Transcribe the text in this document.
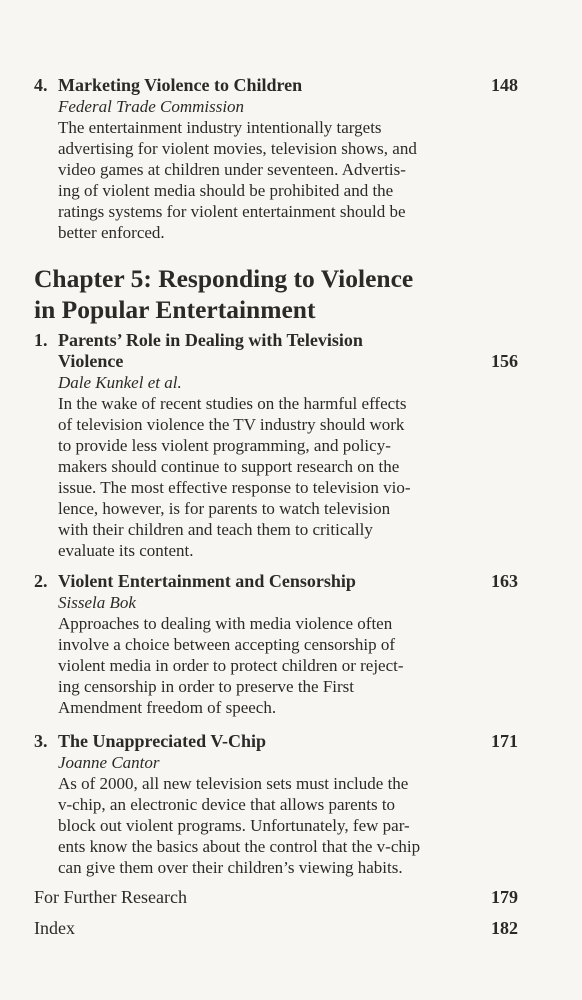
4. Marketing Violence to Children	148
Federal Trade Commission
The entertainment industry intentionally targets
advertising for violent movies, television shows, and
video games at children under seventeen. Advertis-
ing of violent media should be prohibited and the
ratings systems for violent entertainment should be
better enforced.
Chapter 5: Responding to Violence
in Popular Entertainment
1. Parents’ Role in Dealing with Television
Violence	156
Dale Kunkel et al.
In the wake of recent studies on the harmful effects
of television violence the TV industry should work
to provide less violent programming, and policy-
makers should continue to support research on the
issue. The most effective response to television vio-
lence, however, is for parents to watch television
with their children and teach them to critically
evaluate its content.
2. Violent Entertainment and Censorship	163
Sissela Bok
Approaches to dealing with media violence often
involve a choice between accepting censorship of
violent media in order to protect children or reject-
ing censorship in order to preserve the First
Amendment freedom of speech.
3. The Unappreciated V-Chip	171
Joanne Cantor
As of 2000, all new television sets must include the
v-chip, an electronic device that allows parents to
block out violent programs. Unfortunately, few par-
ents know the basics about the control that the v-chip
can give them over their children’s viewing habits.
For Further Research	179
Index	182
